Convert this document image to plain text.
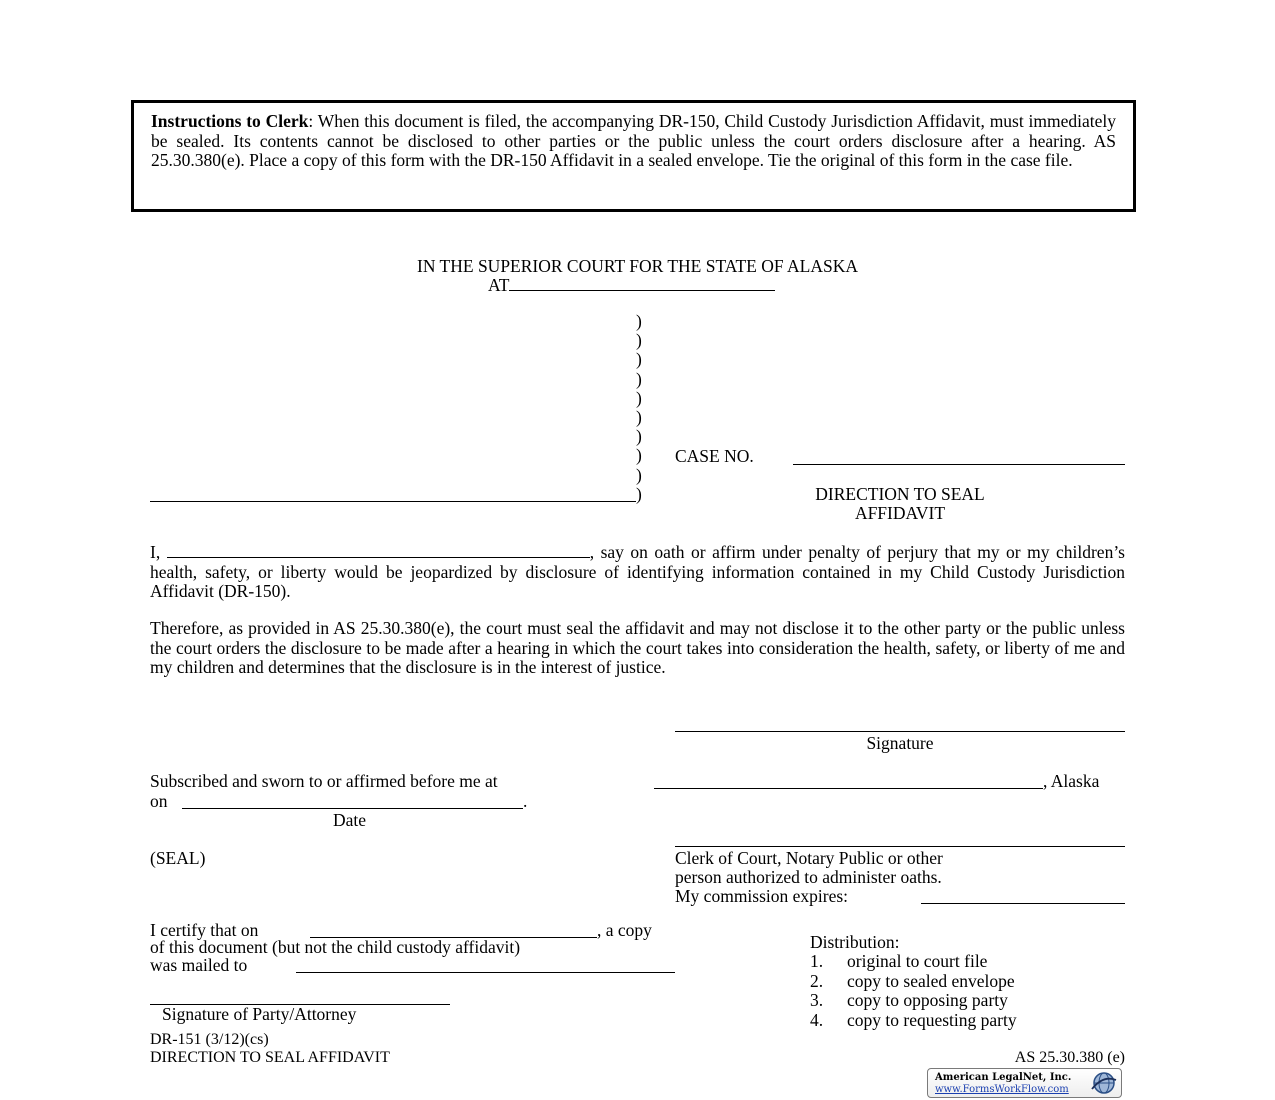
Instructions to Clerk: When this document is filed, the accompanying DR-150, Child Custody Jurisdiction Affidavit, must immediately be sealed. Its contents cannot be disclosed to other parties or the public unless the court orders disclosure after a hearing. AS 25.30.380(e). Place a copy of this form with the DR-150 Affidavit in a sealed envelope. Tie the original of this form in the case file.
IN THE SUPERIOR COURT FOR THE STATE OF ALASKA
AT
)
)
)
)
)
)
)
)
)
)
CASE NO.
DIRECTION TO SEAL
AFFIDAVIT
I,	, say on oath or affirm under penalty of perjury that my or my children’s health, safety, or liberty would be jeopardized by disclosure of identifying information contained in my Child Custody Jurisdiction Affidavit (DR-150).
Therefore, as provided in AS 25.30.380(e), the court must seal the affidavit and may not disclose it to the other party or the public unless the court orders the disclosure to be made after a hearing in which the court takes into consideration the health, safety, or liberty of me and my children and determines that the disclosure is in the interest of justice.
Signature
Subscribed and sworn to or affirmed before me at	, Alaska
on	.
Date
(SEAL)	Clerk of Court, Notary Public or other
person authorized to administer oaths.
My commission expires:
I certify that on	, a copy
of this document (but not the child custody affidavit)
was mailed to
Signature of Party/Attorney
Distribution:
1. original to court file
2. copy to sealed envelope
3. copy to opposing party
4. copy to requesting party
DR-151 (3/12)(cs)
DIRECTION TO SEAL AFFIDAVIT	AS 25.30.380 (e)
American LegalNet, Inc.
www.FormsWorkFlow.com
